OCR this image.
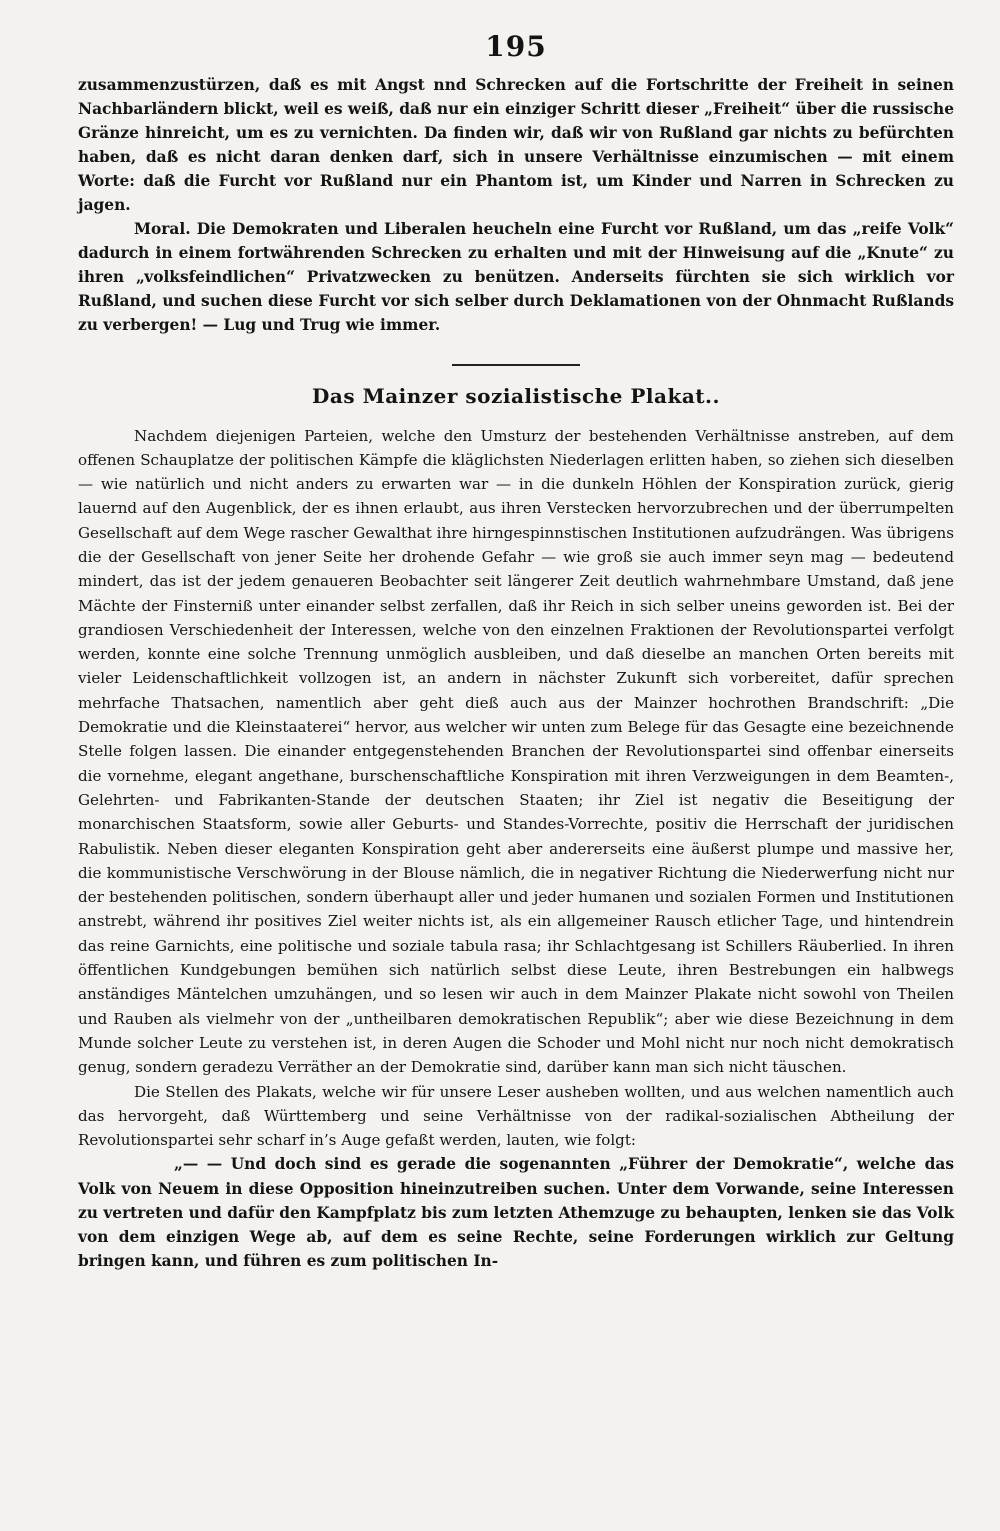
195

zusammenzustürzen, daß es mit Angst nnd Schrecken auf die Fortschritte der Freiheit in seinen Nachbarländern blickt, weil es weiß, daß nur ein einziger Schritt dieser „Freiheit“ über die russische Gränze hinreicht, um es zu vernichten. Da finden wir, daß wir von Rußland gar nichts zu befürchten haben, daß es nicht daran denken darf, sich in unsere Verhältnisse einzumischen — mit einem Worte: daß die Furcht vor Rußland nur ein Phantom ist, um Kinder und Narren in Schrecken zu jagen.

Moral. Die Demokraten und Liberalen heucheln eine Furcht vor Rußland, um das „reife Volk“ dadurch in einem fortwährenden Schrecken zu erhalten und mit der Hinweisung auf die „Knute“ zu ihren „volksfeindlichen“ Privatzwecken zu benützen. Anderseits fürchten sie sich wirklich vor Rußland, und suchen diese Furcht vor sich selber durch Deklamationen von der Ohnmacht Rußlands zu verbergen! — Lug und Trug wie immer.

Das Mainzer sozialistische Plakat..

Nachdem diejenigen Parteien, welche den Umsturz der bestehenden Verhältnisse anstreben, auf dem offenen Schauplatze der politischen Kämpfe die kläglichsten Niederlagen erlitten haben, so ziehen sich dieselben — wie natürlich und nicht anders zu erwarten war — in die dunkeln Höhlen der Konspiration zurück, gierig lauernd auf den Augenblick, der es ihnen erlaubt, aus ihren Verstecken hervorzubrechen und der überrumpelten Gesellschaft auf dem Wege rascher Gewalthat ihre hirngespinnstischen Institutionen aufzudrängen. Was übrigens die der Gesellschaft von jener Seite her drohende Gefahr — wie groß sie auch immer seyn mag — bedeutend mindert, das ist der jedem genaueren Beobachter seit längerer Zeit deutlich wahrnehmbare Umstand, daß jene Mächte der Finsterniß unter einander selbst zerfallen, daß ihr Reich in sich selber uneins geworden ist. Bei der grandiosen Verschiedenheit der Interessen, welche von den einzelnen Fraktionen der Revolutionspartei verfolgt werden, konnte eine solche Trennung unmöglich ausbleiben, und daß dieselbe an manchen Orten bereits mit vieler Leidenschaftlichkeit vollzogen ist, an andern in nächster Zukunft sich vorbereitet, dafür sprechen mehrfache Thatsachen, namentlich aber geht dieß auch aus der Mainzer hochrothen Brandschrift: „Die Demokratie und die Kleinstaaterei“ hervor, aus welcher wir unten zum Belege für das Gesagte eine bezeichnende Stelle folgen lassen. Die einander entgegenstehenden Branchen der Revolutionspartei sind offenbar einerseits die vornehme, elegant angethane, burschenschaftliche Konspiration mit ihren Verzweigungen in dem Beamten-, Gelehrten- und Fabrikanten-Stande der deutschen Staaten; ihr Ziel ist negativ die Beseitigung der monarchischen Staatsform, sowie aller Geburts- und Standes-Vorrechte, positiv die Herrschaft der juridischen Rabulistik. Neben dieser eleganten Konspiration geht aber andererseits eine äußerst plumpe und massive her, die kommunistische Verschwörung in der Blouse nämlich, die in negativer Richtung die Niederwerfung nicht nur der bestehenden politischen, sondern überhaupt aller und jeder humanen und sozialen Formen und Institutionen anstrebt, während ihr positives Ziel weiter nichts ist, als ein allgemeiner Rausch etlicher Tage, und hintendrein das reine Garnichts, eine politische und soziale tabula rasa; ihr Schlachtgesang ist Schillers Räuberlied. In ihren öffentlichen Kundgebungen bemühen sich natürlich selbst diese Leute, ihren Bestrebungen ein halbwegs anständiges Mäntelchen umzuhängen, und so lesen wir auch in dem Mainzer Plakate nicht sowohl von Theilen und Rauben als vielmehr von der „untheilbaren demokratischen Republik“; aber wie diese Bezeichnung in dem Munde solcher Leute zu verstehen ist, in deren Augen die Schoder und Mohl nicht nur noch nicht demokratisch genug, sondern geradezu Verräther an der Demokratie sind, darüber kann man sich nicht täuschen.

Die Stellen des Plakats, welche wir für unsere Leser ausheben wollten, und aus welchen namentlich auch das hervorgeht, daß Württemberg und seine Verhältnisse von der radikal-sozialischen Abtheilung der Revolutionspartei sehr scharf in’s Auge gefaßt werden, lauten, wie folgt:

„— — Und doch sind es gerade die sogenannten „Führer der Demokratie“, welche das Volk von Neuem in diese Opposition hineinzutreiben suchen. Unter dem Vorwande, seine Interessen zu vertreten und dafür den Kampfplatz bis zum letzten Athemzuge zu behaupten, lenken sie das Volk von dem einzigen Wege ab, auf dem es seine Rechte, seine Forderungen wirklich zur Geltung bringen kann, und führen es zum politischen In-
